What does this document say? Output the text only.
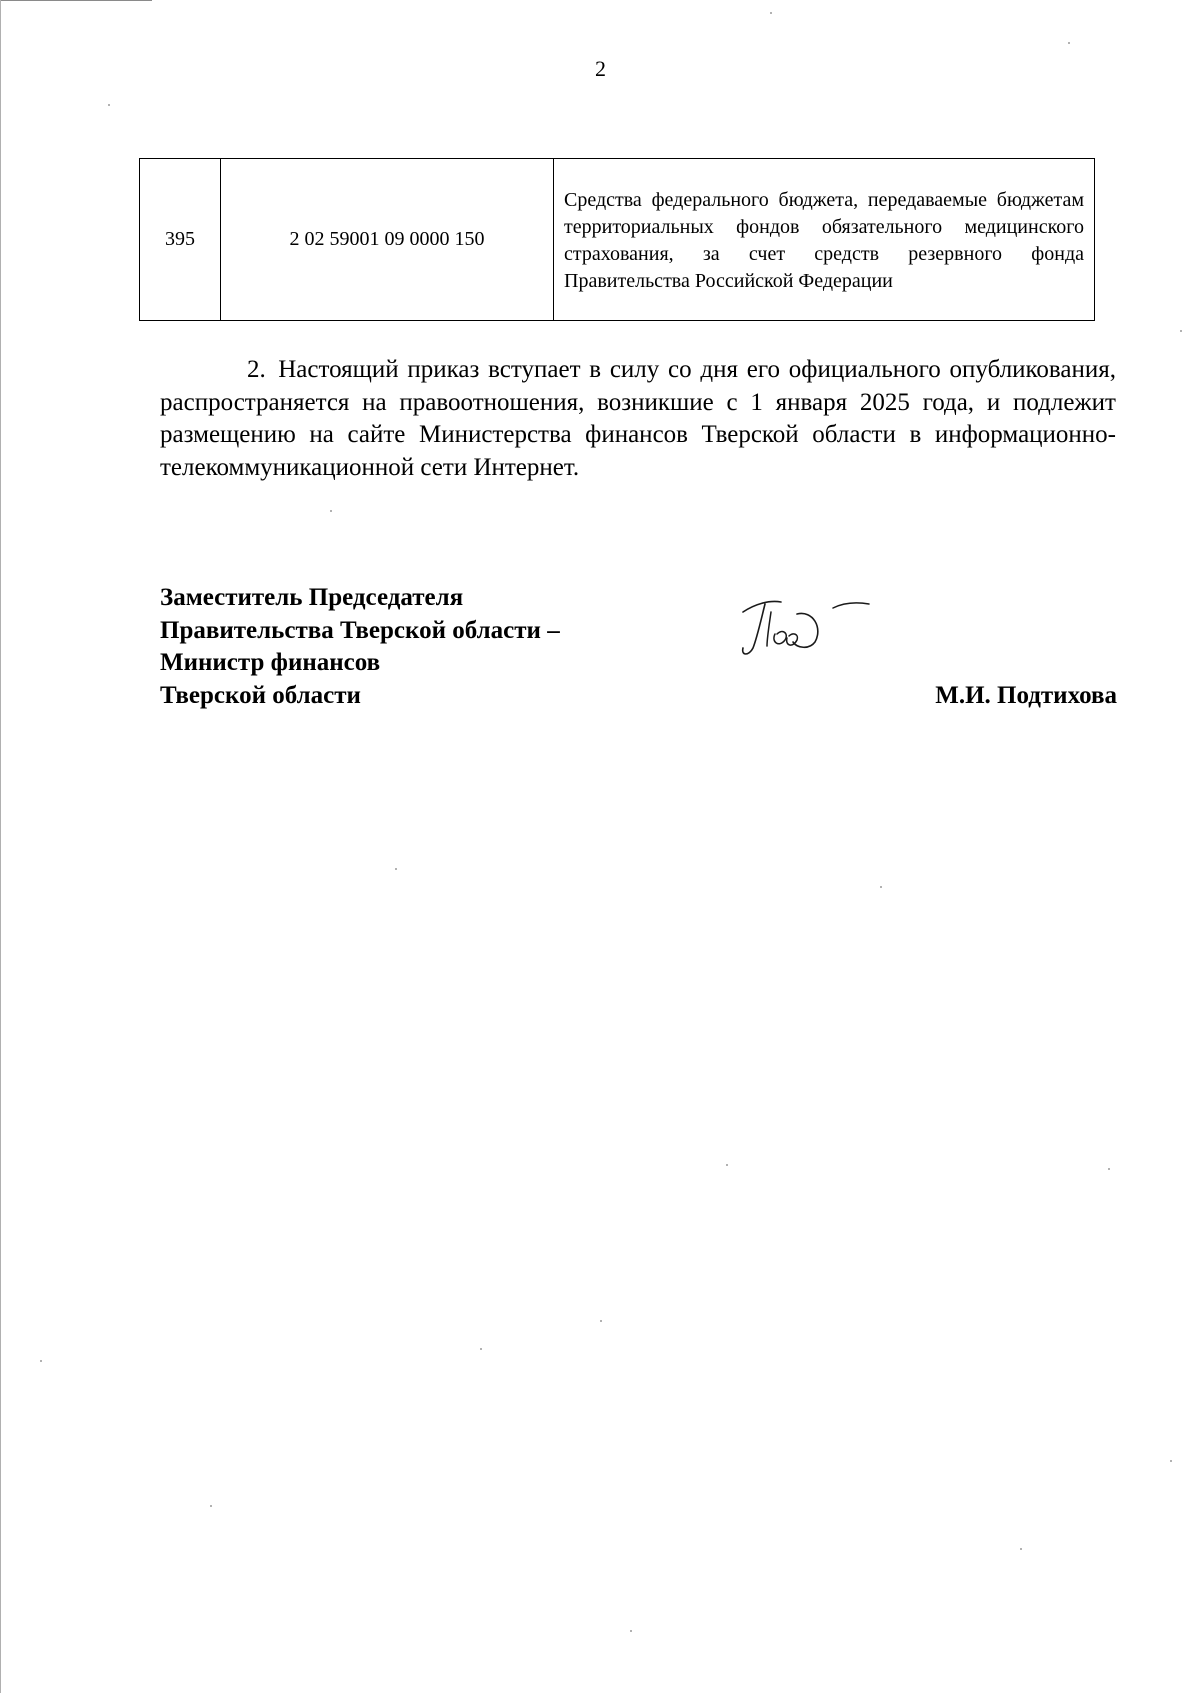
2
395	2 02 59001 09 0000 150	Средства федерального бюджета, передаваемые бюджетам территориальных фондов обязательного медицинского страхования, за счет средств резервного фонда Правительства Российской Федерации
2. Настоящий приказ вступает в силу со дня его официального опубликования, распространяется на правоотношения, возникшие с 1 января 2025 года, и подлежит размещению на сайте Министерства финансов Тверской области в информационно-телекоммуникационной сети Интернет.
Заместитель Председателя
Правительства Тверской области –
Министр финансов
Тверской области	М.И. Подтихова
